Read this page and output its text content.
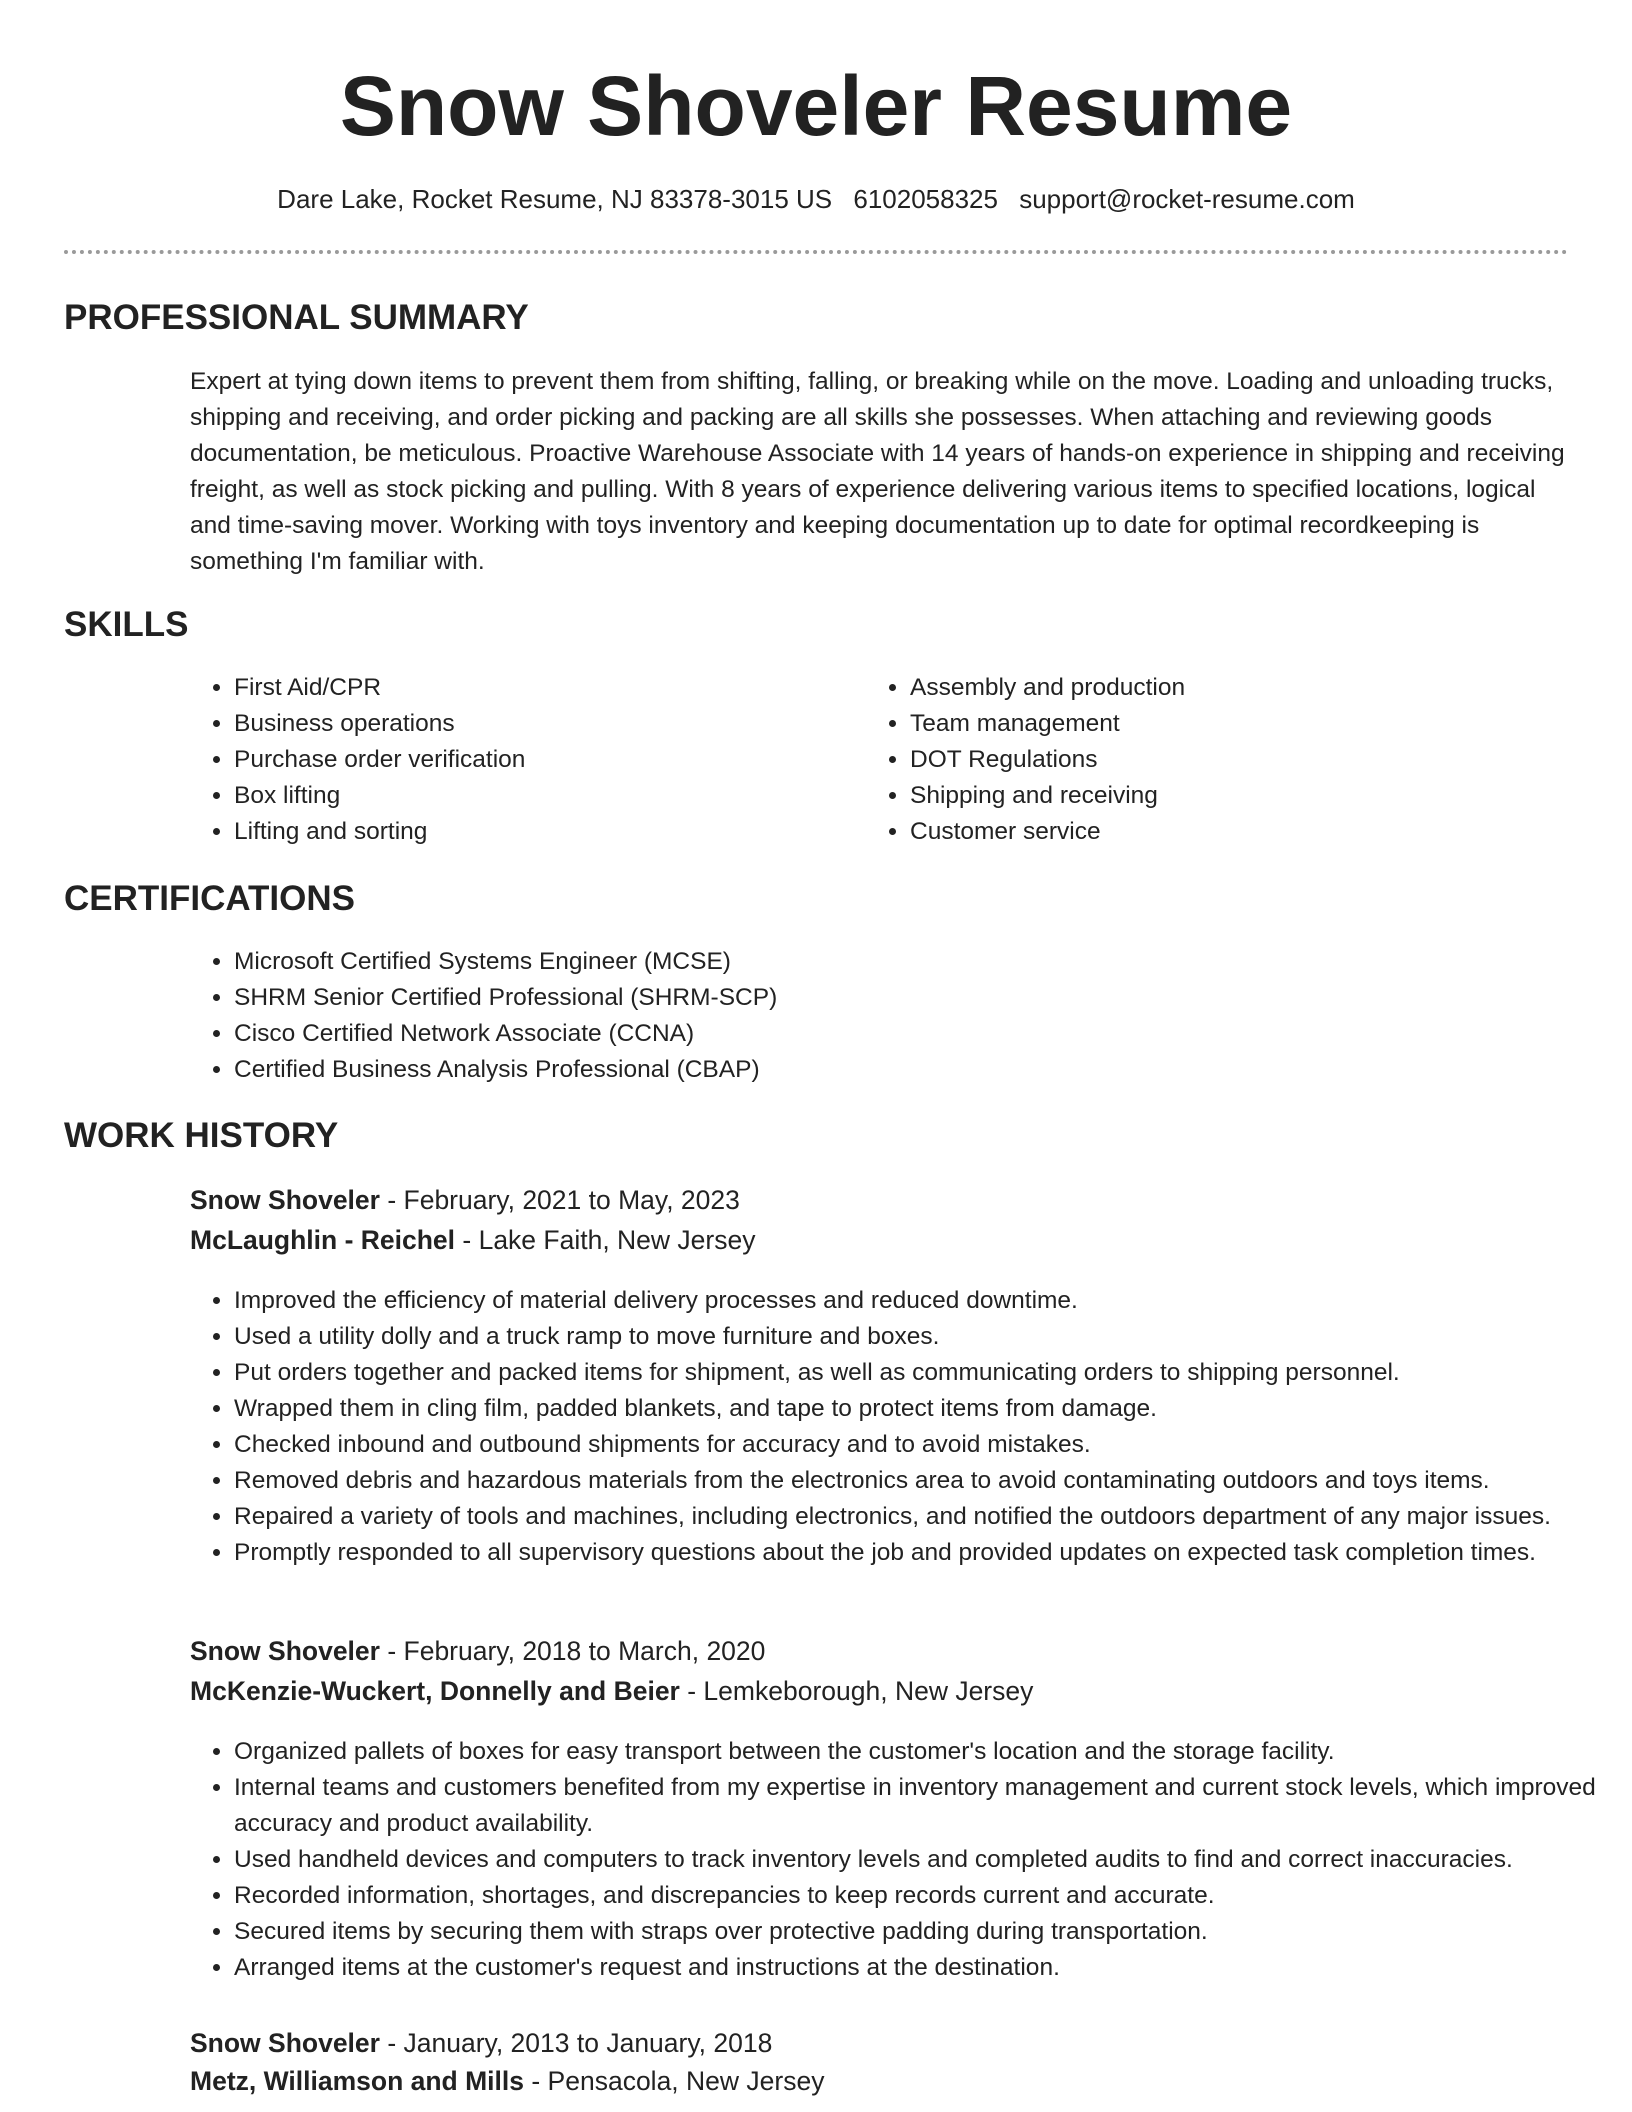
Snow Shoveler Resume
Dare Lake, Rocket Resume, NJ 83378-3015 US 6102058325 support@rocket-resume.com
PROFESSIONAL SUMMARY

Expert at tying down items to prevent them from shifting, falling, or breaking while on the move. Loading and unloading trucks, shipping and receiving, and order picking and packing are all skills she possesses. When attaching and reviewing goods documentation, be meticulous. Proactive Warehouse Associate with 14 years of hands-on experience in shipping and receiving freight, as well as stock picking and pulling. With 8 years of experience delivering various items to specified locations, logical and time-saving mover. Working with toys inventory and keeping documentation up to date for optimal recordkeeping is something I'm familiar with.

SKILLS
• First Aid/CPR
• Business operations
• Purchase order verification
• Box lifting
• Lifting and sorting
• Assembly and production
• Team management
• DOT Regulations
• Shipping and receiving
• Customer service
CERTIFICATIONS
• Microsoft Certified Systems Engineer (MCSE)
• SHRM Senior Certified Professional (SHRM-SCP)
• Cisco Certified Network Associate (CCNA)
• Certified Business Analysis Professional (CBAP)
WORK HISTORY
Snow Shoveler - February, 2021 to May, 2023
McLaughlin - Reichel - Lake Faith, New Jersey
• Improved the efficiency of material delivery processes and reduced downtime.
• Used a utility dolly and a truck ramp to move furniture and boxes.
• Put orders together and packed items for shipment, as well as communicating orders to shipping personnel.
• Wrapped them in cling film, padded blankets, and tape to protect items from damage.
• Checked inbound and outbound shipments for accuracy and to avoid mistakes.
• Removed debris and hazardous materials from the electronics area to avoid contaminating outdoors and toys items.
• Repaired a variety of tools and machines, including electronics, and notified the outdoors department of any major issues.
• Promptly responded to all supervisory questions about the job and provided updates on expected task completion times.
Snow Shoveler - February, 2018 to March, 2020
McKenzie-Wuckert, Donnelly and Beier - Lemkeborough, New Jersey
• Organized pallets of boxes for easy transport between the customer's location and the storage facility.
• Internal teams and customers benefited from my expertise in inventory management and current stock levels, which improved accuracy and product availability.
• Used handheld devices and computers to track inventory levels and completed audits to find and correct inaccuracies.
• Recorded information, shortages, and discrepancies to keep records current and accurate.
• Secured items by securing them with straps over protective padding during transportation.
• Arranged items at the customer's request and instructions at the destination.
Snow Shoveler - January, 2013 to January, 2018
Metz, Williamson and Mills - Pensacola, New Jersey
